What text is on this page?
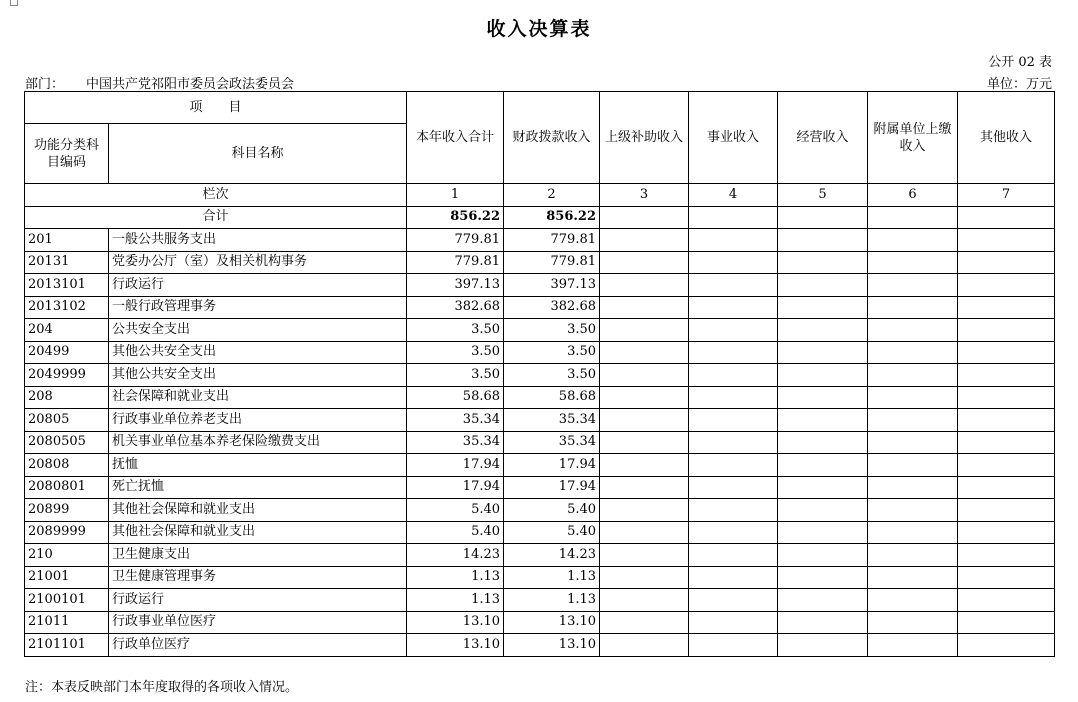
收入决算表
公开 02 表
部门： 中国共产党祁阳市委员会政法委员会	单位：万元
项　　目		本年收入合计	财政拨款收入	上级补助收入	事业收入	经营收入	附属单位上缴收入	其他收入
功能分类科目编码	科目名称							
栏次		1	2	3	4	5	6	7
合计		856.22	856.22					
201	一般公共服务支出	779.81	779.81					
20131	党委办公厅（室）及相关机构事务	779.81	779.81					
2013101	行政运行	397.13	397.13					
2013102	一般行政管理事务	382.68	382.68					
204	公共安全支出	3.50	3.50					
20499	其他公共安全支出	3.50	3.50					
2049999	其他公共安全支出	3.50	3.50					
208	社会保障和就业支出	58.68	58.68					
20805	行政事业单位养老支出	35.34	35.34					
2080505	机关事业单位基本养老保险缴费支出	35.34	35.34					
20808	抚恤	17.94	17.94					
2080801	死亡抚恤	17.94	17.94					
20899	其他社会保障和就业支出	5.40	5.40					
2089999	其他社会保障和就业支出	5.40	5.40					
210	卫生健康支出	14.23	14.23					
21001	卫生健康管理事务	1.13	1.13					
2100101	行政运行	1.13	1.13					
21011	行政事业单位医疗	13.10	13.10					
2101101	行政单位医疗	13.10	13.10					
注：本表反映部门本年度取得的各项收入情况。
